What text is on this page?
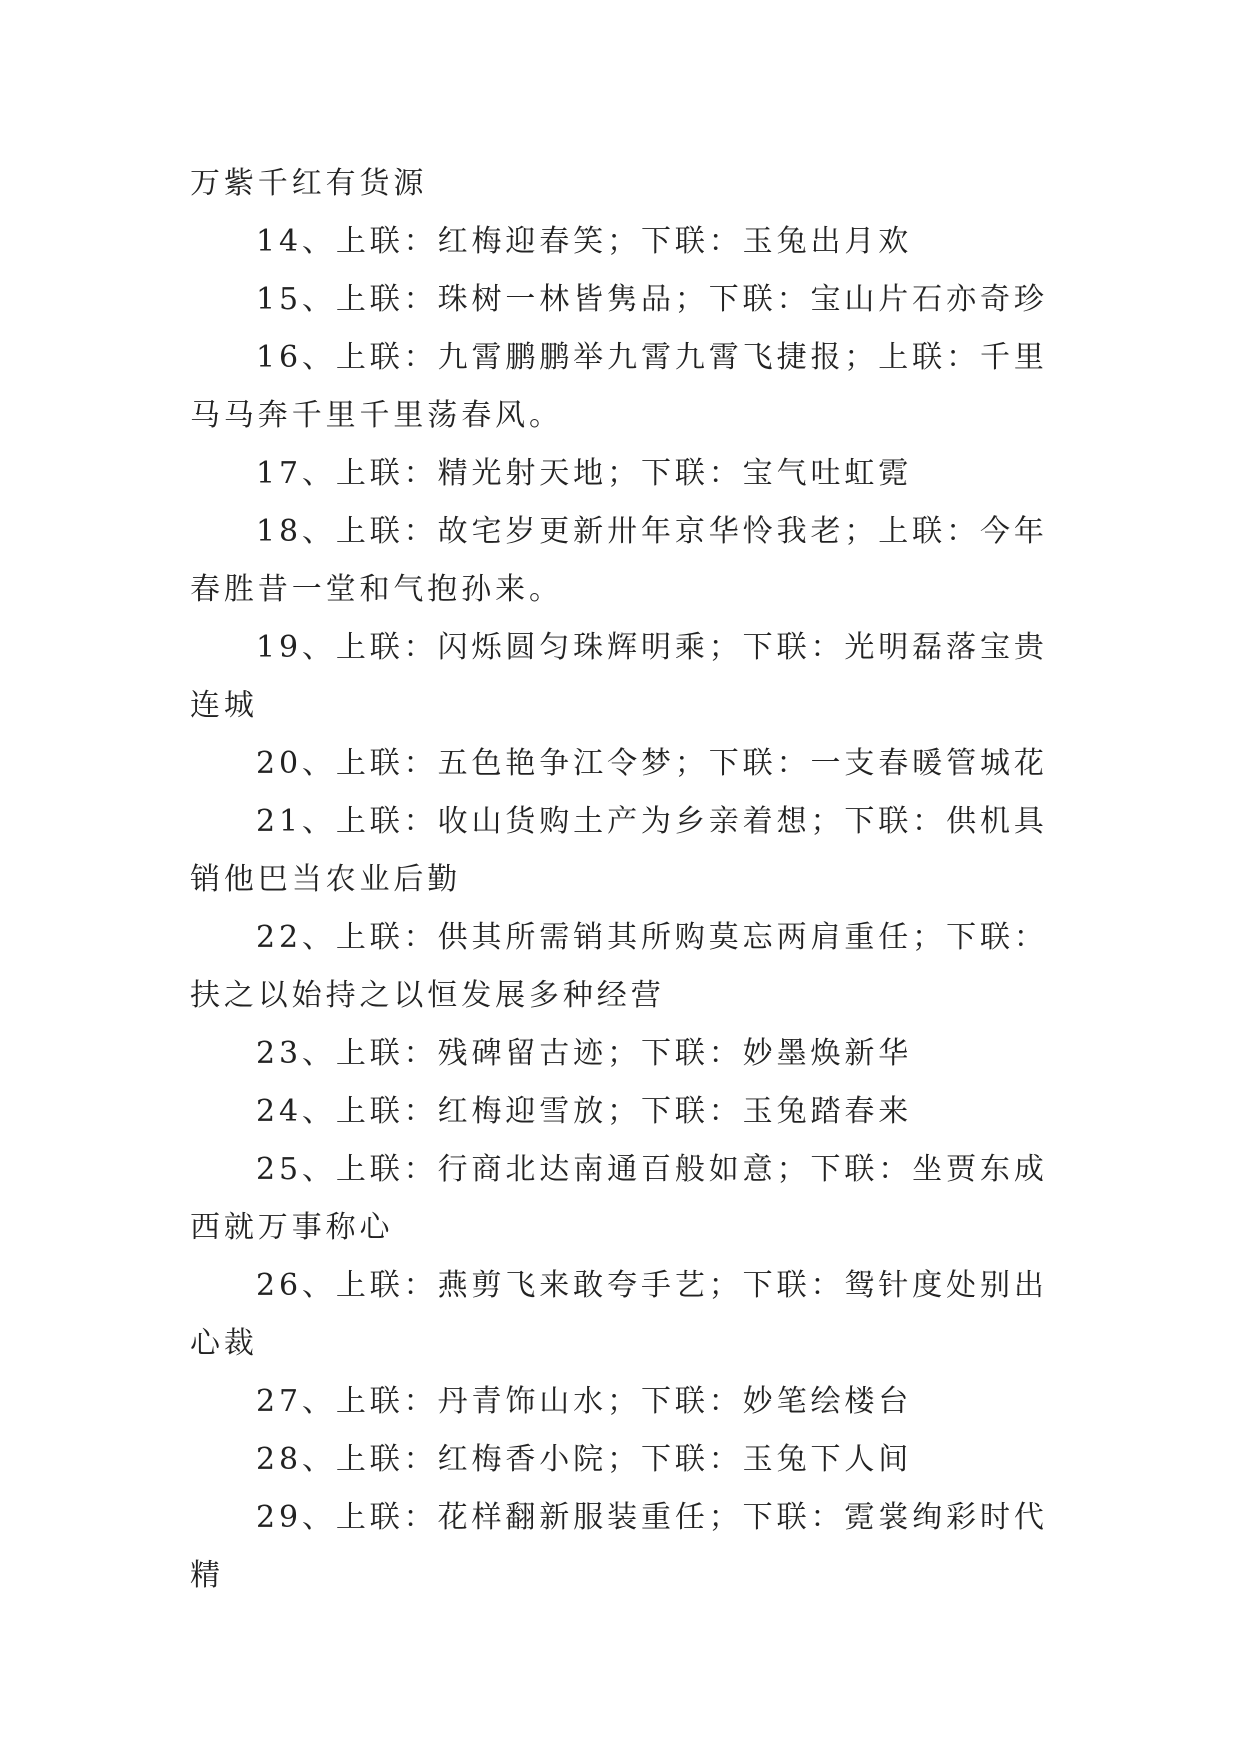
万紫千红有货源

14、上联：红梅迎春笑；下联：玉兔出月欢

15、上联：珠树一林皆隽品；下联：宝山片石亦奇珍

16、上联：九霄鹏鹏举九霄九霄飞捷报；上联：千里马马奔千里千里荡春风。

17、上联：精光射天地；下联：宝气吐虹霓

18、上联：故宅岁更新卅年京华怜我老；上联：今年春胜昔一堂和气抱孙来。

19、上联：闪烁圆匀珠辉明乘；下联：光明磊落宝贵连城

20、上联：五色艳争江令梦；下联：一支春暖管城花

21、上联：收山货购土产为乡亲着想；下联：供机具销他巴当农业后勤

22、上联：供其所需销其所购莫忘两肩重任；下联：扶之以始持之以恒发展多种经营

23、上联：残碑留古迹；下联：妙墨焕新华

24、上联：红梅迎雪放；下联：玉兔踏春来

25、上联：行商北达南通百般如意；下联：坐贾东成西就万事称心

26、上联：燕剪飞来敢夸手艺；下联：鸳针度处别出心裁

27、上联：丹青饰山水；下联：妙笔绘楼台

28、上联：红梅香小院；下联：玉兔下人间

29、上联：花样翻新服装重任；下联：霓裳绚彩时代精
